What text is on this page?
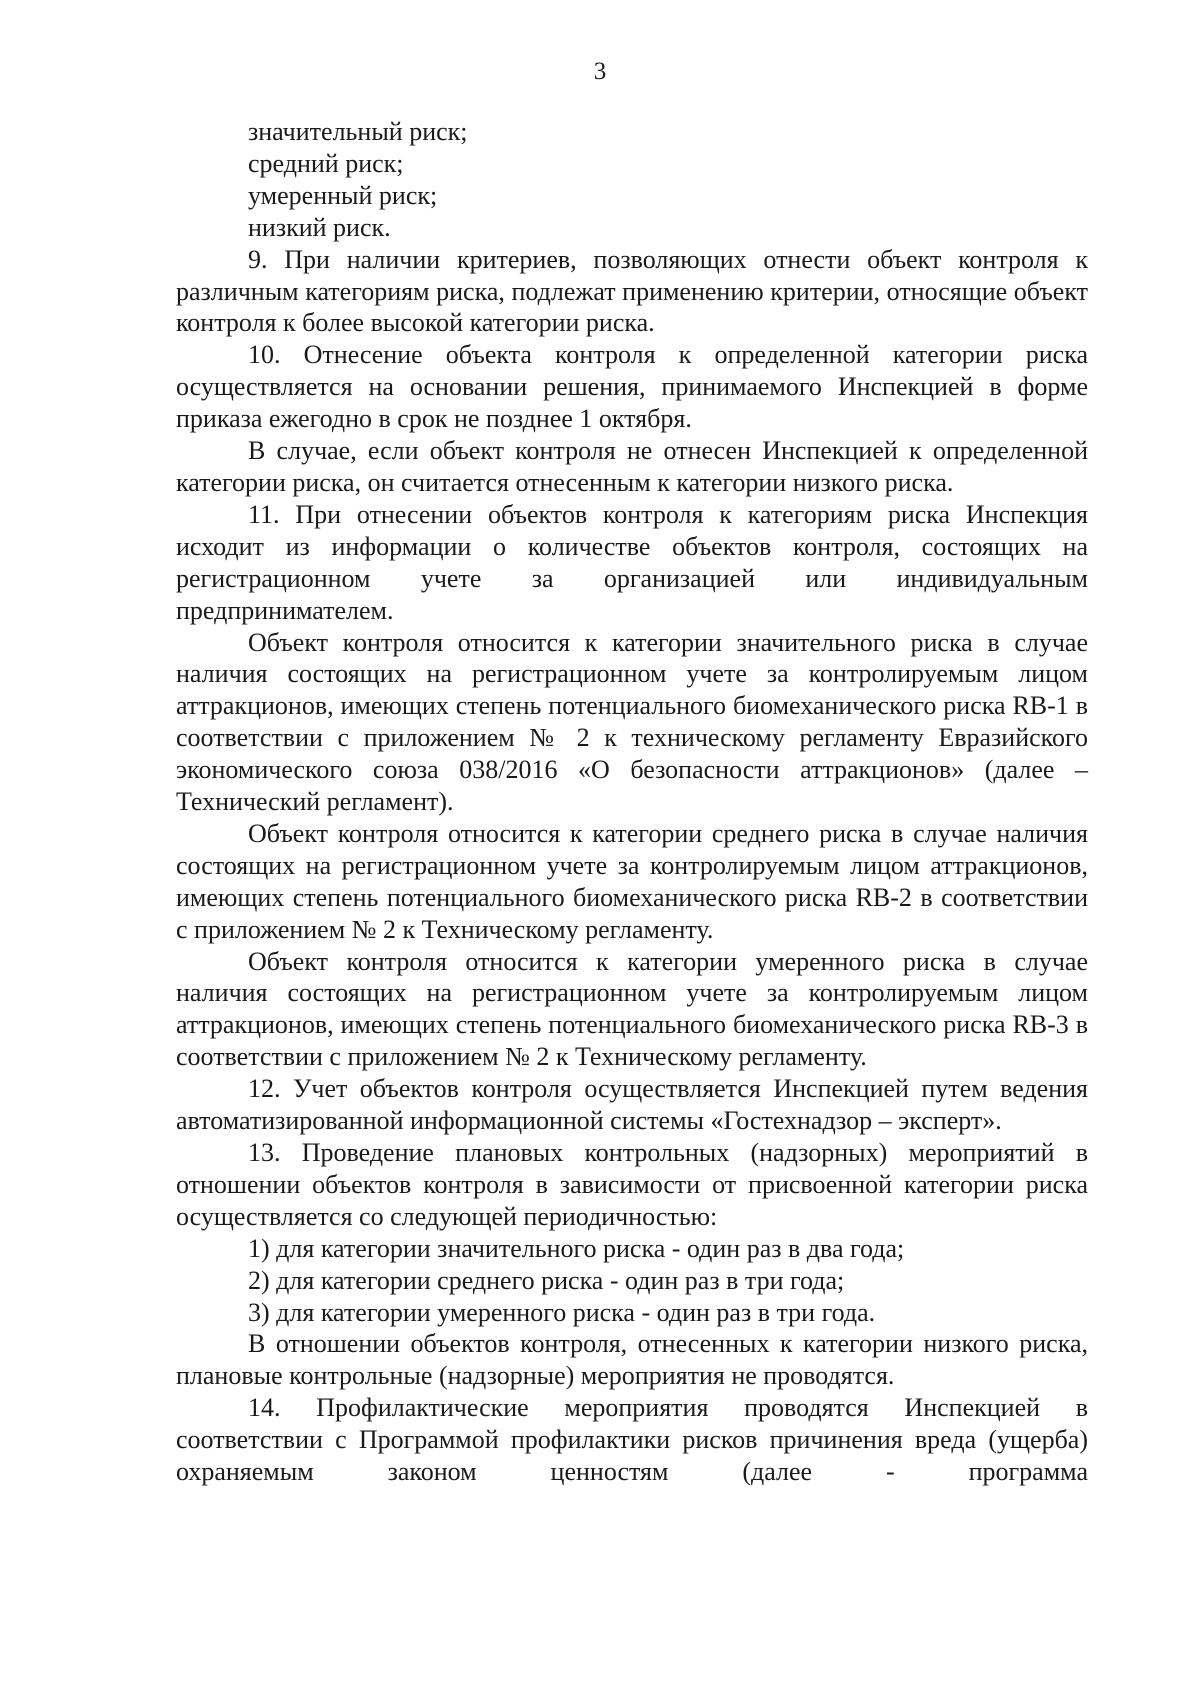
3

значительный риск;

средний риск;

умеренный риск;

низкий риск.

9. При наличии критериев, позволяющих отнести объект контроля к различным категориям риска, подлежат применению критерии, относящие объект контроля к более высокой категории риска.

10. Отнесение объекта контроля к определенной категории риска осуществляется на основании решения, принимаемого Инспекцией в форме приказа ежегодно в срок не позднее 1 октября.

В случае, если объект контроля не отнесен Инспекцией к определенной категории риска, он считается отнесенным к категории низкого риска.

11. При отнесении объектов контроля к категориям риска Инспекция исходит из информации о количестве объектов контроля, состоящих на регистрационном учете за организацией или индивидуальным предпринимателем.

Объект контроля относится к категории значительного риска в случае наличия состоящих на регистрационном учете за контролируемым лицом аттракционов, имеющих степень потенциального биомеханического риска RB-1 в соответствии с приложением № 2 к техническому регламенту Евразийского экономического союза 038/2016 «О безопасности аттракционов» (далее – Технический регламент).

Объект контроля относится к категории среднего риска в случае наличия состоящих на регистрационном учете за контролируемым лицом аттракционов, имеющих степень потенциального биомеханического риска RB-2 в соответствии с приложением № 2 к Техническому регламенту.

Объект контроля относится к категории умеренного риска в случае наличия состоящих на регистрационном учете за контролируемым лицом аттракционов, имеющих степень потенциального биомеханического риска RB-3 в соответствии с приложением № 2 к Техническому регламенту.

12. Учет объектов контроля осуществляется Инспекцией путем ведения автоматизированной информационной системы «Гостехнадзор – эксперт».

13. Проведение плановых контрольных (надзорных) мероприятий в отношении объектов контроля в зависимости от присвоенной категории риска осуществляется со следующей периодичностью:

1) для категории значительного риска - один раз в два года;

2) для категории среднего риска - один раз в три года;

3) для категории умеренного риска - один раз в три года.

В отношении объектов контроля, отнесенных к категории низкого риска, плановые контрольные (надзорные) мероприятия не проводятся.

14. Профилактические мероприятия проводятся Инспекцией в соответствии с Программой профилактики рисков причинения вреда (ущерба) охраняемым законом ценностям (далее - программа
